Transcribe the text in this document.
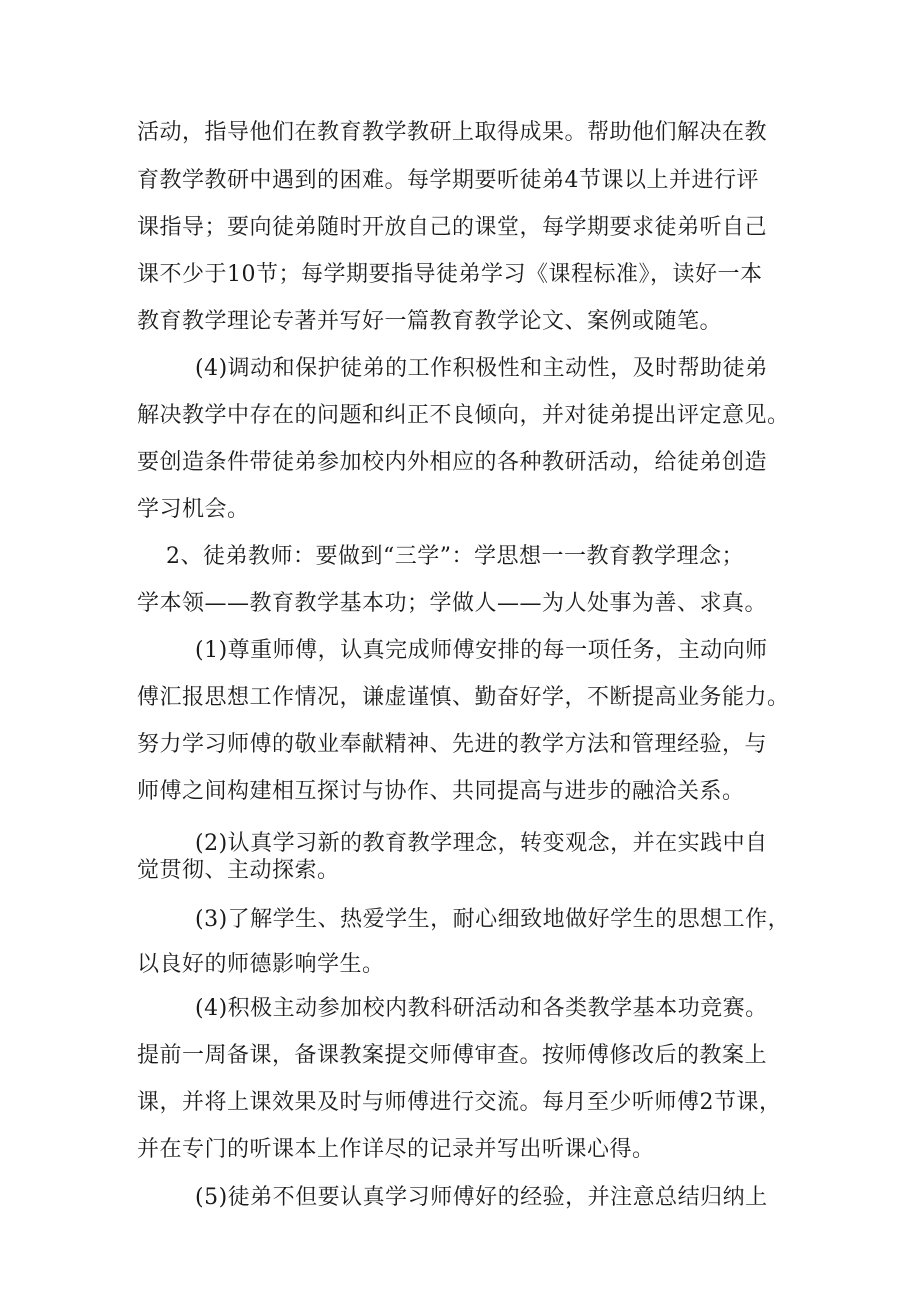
活动，指导他们在教育教学教研上取得成果。帮助他们解决在教
育教学教研中遇到的困难。每学期要听徒弟4节课以上并进行评
课指导；要向徒弟随时开放自己的课堂，每学期要求徒弟听自己
课不少于10节；每学期要指导徒弟学习《课程标准》，读好一本
教育教学理论专著并写好一篇教育教学论文、案例或随笔。
(4)调动和保护徒弟的工作积极性和主动性，及时帮助徒弟
解决教学中存在的问题和纠正不良倾向，并对徒弟提出评定意见。
要创造条件带徒弟参加校内外相应的各种教研活动，给徒弟创造
学习机会。
2、徒弟教师：要做到“三学”：学思想一一教育教学理念；
学本领——教育教学基本功；学做人——为人处事为善、求真。
(1)尊重师傅，认真完成师傅安排的每一项任务，主动向师
傅汇报思想工作情况，谦虚谨慎、勤奋好学，不断提高业务能力。
努力学习师傅的敬业奉献精神、先进的教学方法和管理经验，与
师傅之间构建相互探讨与协作、共同提高与进步的融洽关系。
(2)认真学习新的教育教学理念，转变观念，并在实践中自
觉贯彻、主动探索。
(3)了解学生、热爱学生，耐心细致地做好学生的思想工作，
以良好的师德影响学生。
(4)积极主动参加校内教科研活动和各类教学基本功竞赛。
提前一周备课，备课教案提交师傅审查。按师傅修改后的教案上
课，并将上课效果及时与师傅进行交流。每月至少听师傅2节课，
并在专门的听课本上作详尽的记录并写出听课心得。
(5)徒弟不但要认真学习师傅好的经验，并注意总结归纳上
